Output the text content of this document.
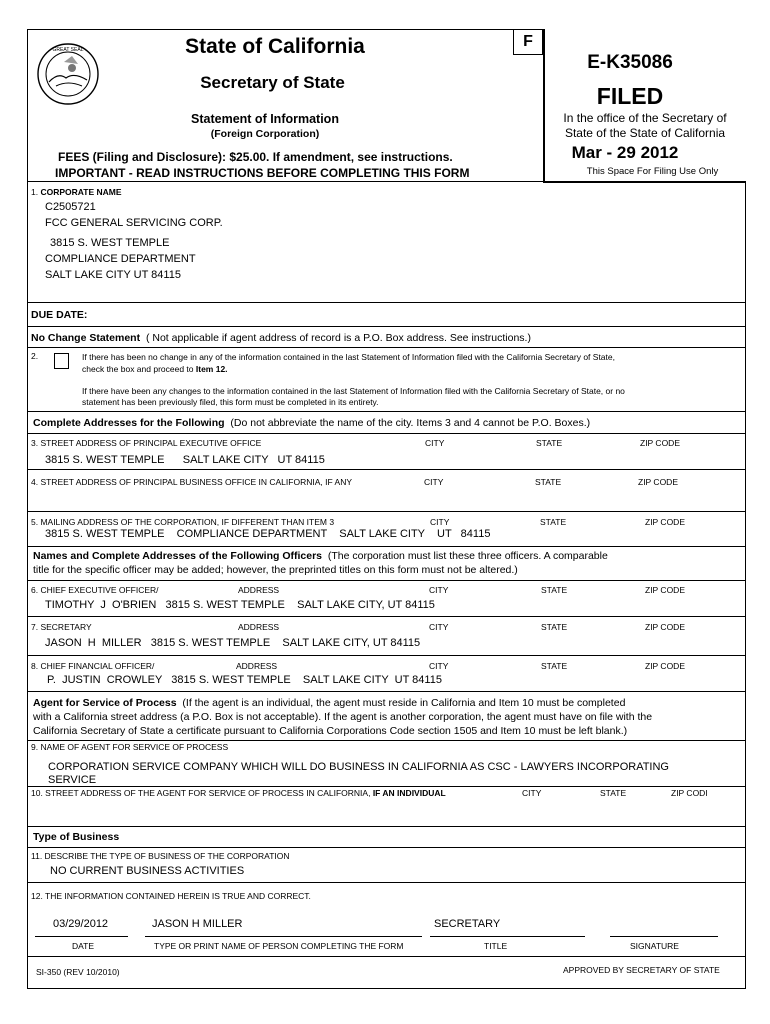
GREAT SEAL	State of California
Secretary of State
Statement of Information
(Foreign Corporation)
FEES (Filing and Disclosure): $25.00. If amendment, see instructions.
IMPORTANT - READ INSTRUCTIONS BEFORE COMPLETING THIS FORM
F
E-K35086
FILED
In the office of the Secretary of
State of the State of California
Mar - 29 2012
This Space For Filing Use Only
1. CORPORATE NAME
C2505721
FCC GENERAL SERVICING CORP.
3815 S. WEST TEMPLE
COMPLIANCE DEPARTMENT
SALT LAKE CITY UT 84115
DUE DATE:
No Change Statement ( Not applicable if agent address of record is a P.O. Box address. See instructions.)
2.	If there has been no change in any of the information contained in the last Statement of Information filed with the California Secretary of State,
check the box and proceed to Item 12.
If there have been any changes to the information contained in the last Statement of Information filed with the California Secretary of State, or no
statement has been previously filed, this form must be completed in its entirety.
Complete Addresses for the Following (Do not abbreviate the name of the city. Items 3 and 4 cannot be P.O. Boxes.)
3. STREET ADDRESS OF PRINCIPAL EXECUTIVE OFFICE	CITY	STATE	ZIP CODE
3815 S. WEST TEMPLE      SALT LAKE CITY   UT 84115
4. STREET ADDRESS OF PRINCIPAL BUSINESS OFFICE IN CALIFORNIA, IF ANY	CITY	STATE	ZIP CODE
5. MAILING ADDRESS OF THE CORPORATION, IF DIFFERENT THAN ITEM 3	CITY	STATE	ZIP CODE
3815 S. WEST TEMPLE    COMPLIANCE DEPARTMENT    SALT LAKE CITY    UT   84115
Names and Complete Addresses of the Following Officers (The corporation must list these three officers. A comparable
title for the specific officer may be added; however, the preprinted titles on this form must not be altered.)
6. CHIEF EXECUTIVE OFFICER/	ADDRESS	CITY	STATE	ZIP CODE
TIMOTHY  J  O'BRIEN   3815 S. WEST TEMPLE    SALT LAKE CITY, UT 84115
7. SECRETARY	ADDRESS	CITY	STATE	ZIP CODE
JASON  H  MILLER   3815 S. WEST TEMPLE    SALT LAKE CITY, UT 84115
8. CHIEF FINANCIAL OFFICER/	ADDRESS	CITY	STATE	ZIP CODE
P.  JUSTIN  CROWLEY   3815 S. WEST TEMPLE    SALT LAKE CITY  UT 84115
Agent for Service of Process (If the agent is an individual, the agent must reside in California and Item 10 must be completed
with a California street address (a P.O. Box is not acceptable). If the agent is another corporation, the agent must have on file with the
California Secretary of State a certificate pursuant to California Corporations Code section 1505 and Item 10 must be left blank.)
9. NAME OF AGENT FOR SERVICE OF PROCESS
CORPORATION SERVICE COMPANY WHICH WILL DO BUSINESS IN CALIFORNIA AS CSC - LAWYERS INCORPORATING
SERVICE
10. STREET ADDRESS OF THE AGENT FOR SERVICE OF PROCESS IN CALIFORNIA, IF AN INDIVIDUAL	CITY	STATE	ZIP CODI
Type of Business
11. DESCRIBE THE TYPE OF BUSINESS OF THE CORPORATION
NO CURRENT BUSINESS ACTIVITIES
12. THE INFORMATION CONTAINED HEREIN IS TRUE AND CORRECT.
03/29/2012	JASON H MILLER	SECRETARY
DATE	TYPE OR PRINT NAME OF PERSON COMPLETING THE FORM	TITLE	SIGNATURE
SI-350 (REV 10/2010)	APPROVED BY SECRETARY OF STATE
